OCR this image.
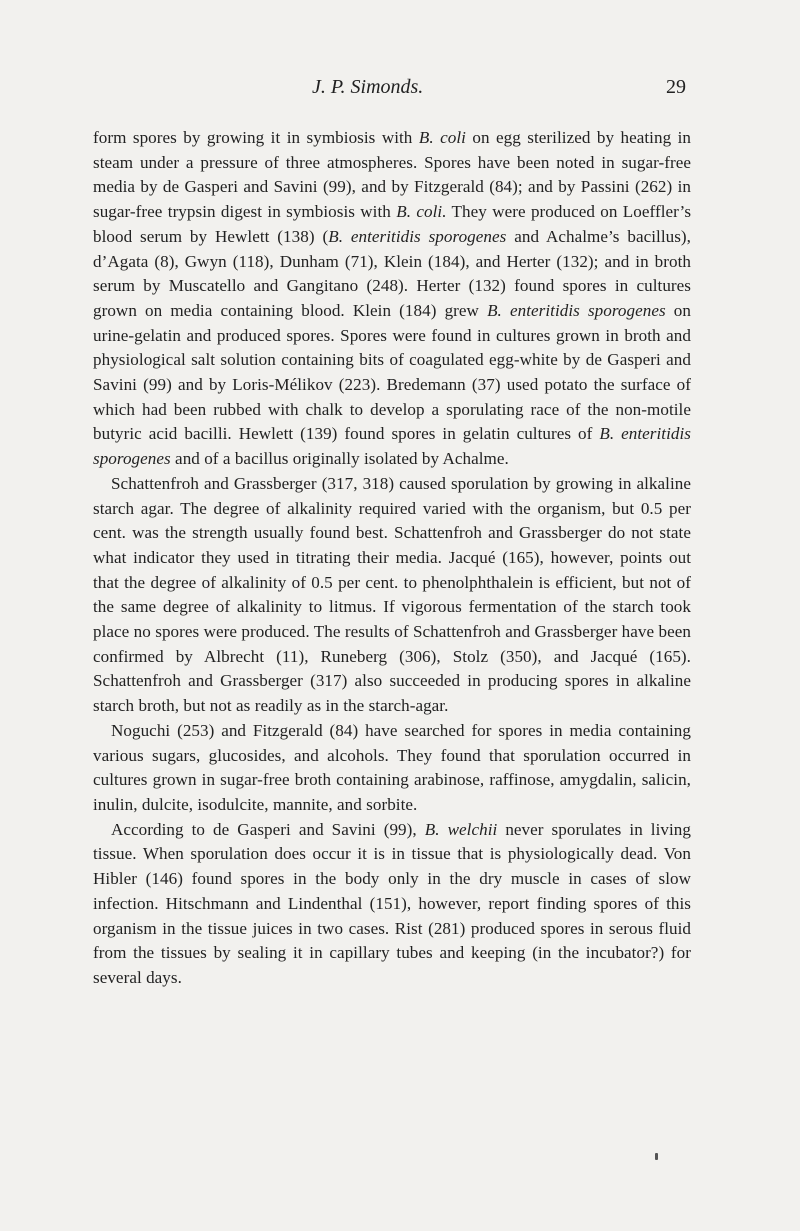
J. P. Simonds.	29

form spores by growing it in symbiosis with B. coli on egg sterilized by heating in steam under a pressure of three atmospheres. Spores have been noted in sugar-free media by de Gasperi and Savini (99), and by Fitzgerald (84); and by Passini (262) in sugar-free trypsin digest in symbiosis with B. coli. They were produced on Loeffler’s blood serum by Hewlett (138) (B. enteritidis sporogenes and Achalme’s bacillus), d’Agata (8), Gwyn (118), Dunham (71), Klein (184), and Herter (132); and in broth serum by Muscatello and Gangitano (248). Herter (132) found spores in cultures grown on media containing blood. Klein (184) grew B. enteritidis sporogenes on urine-gelatin and produced spores. Spores were found in cultures grown in broth and physiological salt solution containing bits of coagulated egg-white by de Gasperi and Savini (99) and by Loris-Mélikov (223). Bredemann (37) used potato the surface of which had been rubbed with chalk to develop a sporulating race of the non-motile butyric acid bacilli. Hewlett (139) found spores in gelatin cultures of B. enteritidis sporogenes and of a bacillus originally isolated by Achalme.

Schattenfroh and Grassberger (317, 318) caused sporulation by growing in alkaline starch agar. The degree of alkalinity required varied with the organism, but 0.5 per cent. was the strength usually found best. Schattenfroh and Grassberger do not state what indicator they used in titrating their media. Jacqué (165), however, points out that the degree of alkalinity of 0.5 per cent. to phenolphthalein is efficient, but not of the same degree of alkalinity to litmus. If vigorous fermentation of the starch took place no spores were produced. The results of Schattenfroh and Grassberger have been confirmed by Albrecht (11), Runeberg (306), Stolz (350), and Jacqué (165). Schattenfroh and Grassberger (317) also succeeded in producing spores in alkaline starch broth, but not as readily as in the starch-agar.

Noguchi (253) and Fitzgerald (84) have searched for spores in media containing various sugars, glucosides, and alcohols. They found that sporulation occurred in cultures grown in sugar-free broth containing arabinose, raffinose, amygdalin, salicin, inulin, dulcite, isodulcite, mannite, and sorbite.

According to de Gasperi and Savini (99), B. welchii never sporulates in living tissue. When sporulation does occur it is in tissue that is physiologically dead. Von Hibler (146) found spores in the body only in the dry muscle in cases of slow infection. Hitschmann and Lindenthal (151), however, report finding spores of this organism in the tissue juices in two cases. Rist (281) produced spores in serous fluid from the tissues by sealing it in capillary tubes and keeping (in the incubator?) for several days.
